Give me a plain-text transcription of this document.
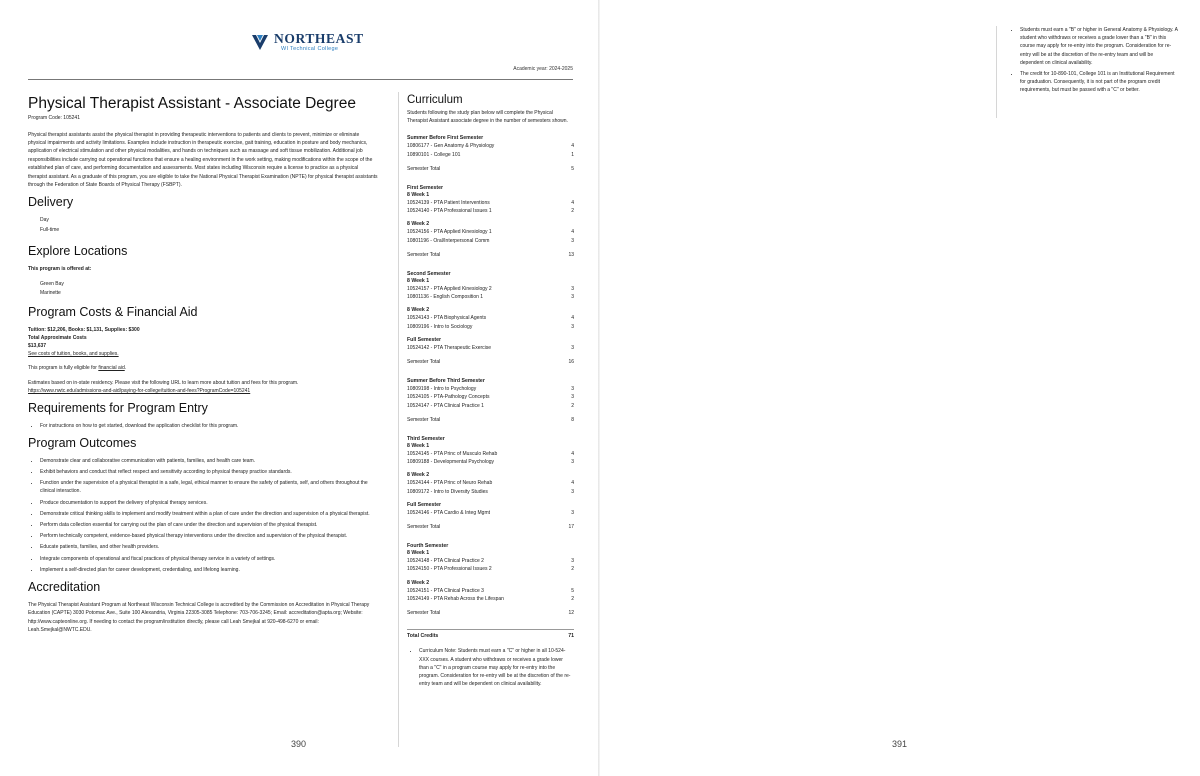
NORTHEAST
WI Technical College
Academic year: 2024-2025
Physical Therapist Assistant - Associate Degree
Program Code: 105241

Physical therapist assistants assist the physical therapist in providing therapeutic interventions to patients and clients to prevent, minimize or eliminate physical impairments and activity limitations. Examples include instruction in therapeutic exercise, gait training, education in posture and body mechanics, application of electrical stimulation and other physical modalities, and hands on techniques such as massage and soft tissue mobilization. Additional job responsibilities include carrying out operational functions that ensure a healing environment in the work setting, making modifications within the scope of the established plan of care, and performing documentation and assessments. Most states including Wisconsin require a license to practice as a physical therapist assistant. As a graduate of this program, you are eligible to take the National Physical Therapist Examination (NPTE) for physical therapist assistants through the Federation of State Boards of Physical Therapy (FSBPT).

Delivery
Day
Full-time
Explore Locations
This program is offered at:
Green Bay
Marinette
Program Costs & Financial Aid
Tuition: $12,206, Books: $1,131, Supplies: $300
Total Approximate Costs
$13,637
See costs of tuition, books, and supplies.

This program is fully eligible for financial aid.

Estimates based on in-state residency. Please visit the following URL to learn more about tuition and fees for this program.
https://www.nwtc.edu/admissions-and-aid/paying-for-college/tuition-and-fees?ProgramCode=105241

Requirements for Program Entry
• For instructions on how to get started, download the application checklist for this program.
Program Outcomes
• Demonstrate clear and collaborative communication with patients, families, and health care team.
• Exhibit behaviors and conduct that reflect respect and sensitivity according to physical therapy practice standards.
• Function under the supervision of a physical therapist in a safe, legal, ethical manner to ensure the safety of patients, self, and others throughout the clinical interaction.
• Produce documentation to support the delivery of physical therapy services.
• Demonstrate critical thinking skills to implement and modify treatment within a plan of care under the direction and supervision of a physical therapist.
• Perform data collection essential for carrying out the plan of care under the direction and supervision of the physical therapist.
• Perform technically competent, evidence-based physical therapy interventions under the direction and supervision of the physical therapist.
• Educate patients, families, and other health providers.
• Integrate components of operational and fiscal practices of physical therapy service in a variety of settings.
• Implement a self-directed plan for career development, credentialing, and lifelong learning.
Accreditation

The Physical Therapist Assistant Program at Northeast Wisconsin Technical College is accredited by the Commission on Accreditation in Physical Therapy Education (CAPTE) 3030 Potomac Ave., Suite 100 Alexandria, Virginia 22305-3085 Telephone: 703-706-3245; Email: accreditation@apta.org; Website: http://www.capteonline.org. If needing to contact the program/institution directly, please call Leah Smejkal at 920-498-6270 or email: Leah.Smejkal@NWTC.EDU.

Curriculum
Students following the study plan below will complete the Physical Therapist Assistant associate degree in the number of semesters shown.
Summer Before First Semester
10806177 - Gen Anatomy & Physiology	4
10890101 - College 101	1
Semester Total	5
First Semester
8 Week 1
10524139 - PTA Patient Interventions	4
10524140 - PTA Professional Issues 1	2
8 Week 2
10524156 - PTA Applied Kinesiology 1	4
10801196 - Oral/Interpersonal Comm	3
Semester Total	13
Second Semester
8 Week 1
10524157 - PTA Applied Kinesiology 2	3
10801136 - English Composition 1	3
8 Week 2
10524143 - PTA Biophysical Agents	4
10809196 - Intro to Sociology	3
Full Semester
10524142 - PTA Therapeutic Exercise	3
Semester Total	16
Summer Before Third Semester
10809198 - Intro to Psychology	3
10524105 - PTA-Pathology Concepts	3
10524147 - PTA Clinical Practice 1	2
Semester Total	8
Third Semester
8 Week 1
10524145 - PTA Princ of Musculo Rehab	4
10809188 - Developmental Psychology	3
8 Week 2
10524144 - PTA Princ of Neuro Rehab	4
10809172 - Intro to Diversity Studies	3
Full Semester
10524146 - PTA Cardio & Integ Mgmt	3
Semester Total	17
Fourth Semester
8 Week 1
10524148 - PTA Clinical Practice 2	3
10524150 - PTA Professional Issues 2	2
8 Week 2
10524151 - PTA Clinical Practice 3	5
10524149 - PTA Rehab Across the Lifespan	2
Semester Total	12
Total Credits	71
• Curriculum Note: Students must earn a "C" or higher in all 10-524-XXX courses. A student who withdraws or receives a grade lower than a "C" in a program course may apply for re-entry into the program. Consideration for re-entry will be at the discretion of the re-entry team and will be dependent on clinical availability.
390
• Students must earn a "B" or higher in General Anatomy & Physiology. A student who withdraws or receives a grade lower than a "B" in this course may apply for re-entry into the program. Consideration for re-entry will be at the discretion of the re-entry team and will be dependent on clinical availability.
• The credit for 10-890-101, College 101 is an Institutional Requirement for graduation. Consequently, it is not part of the program credit requirements, but must be passed with a "C" or better.
391
